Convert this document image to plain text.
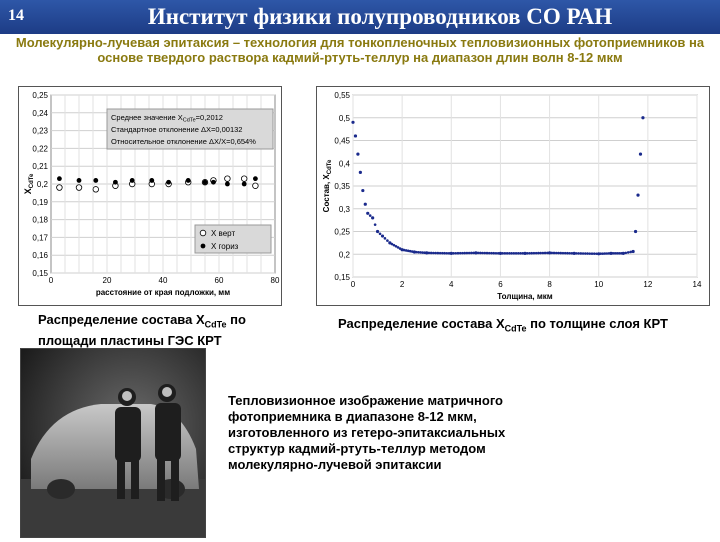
14	Институт физики полупроводников СО РАН
Молекулярно-лучевая эпитаксия – технология для тонкопленочных тепловизионных фотоприемников на основе твердого раствора кадмий-ртуть-теллур на диапазон длин волн 8-12 мкм
0,15
0,16
0,17
0,18
0,19
0,2
0,21
0,22
0,23
0,24
0,25
0	20	40	60	80
расстояние от края подложки, мм
$X_{CdTe}$
Среднее значение $X_{CdTe}=0,2012$
Стандартное отклонение ΔX=0,00132
Относительное отклонение ΔX/X=0,654%
X верт
X гориз
0,15
0,2
0,25
0,3
0,35
0,4
0,45
0,5
0,55
0	2	4	6	8	10	12	14
Толщина, мкм
Состав, $X_{CdTe}$
Распределение состава $X_{CdTe}$ по площади пластины ГЭС КРТ
Распределение состава $X_{CdTe}$ по толщине слоя КРТ
Тепловизионное изображение матричного фотоприемника в диапазоне 8-12 мкм, изготовленного из гетеро-эпитаксиальных структур кадмий-ртуть-теллур методом молекулярно-лучевой эпитаксии
